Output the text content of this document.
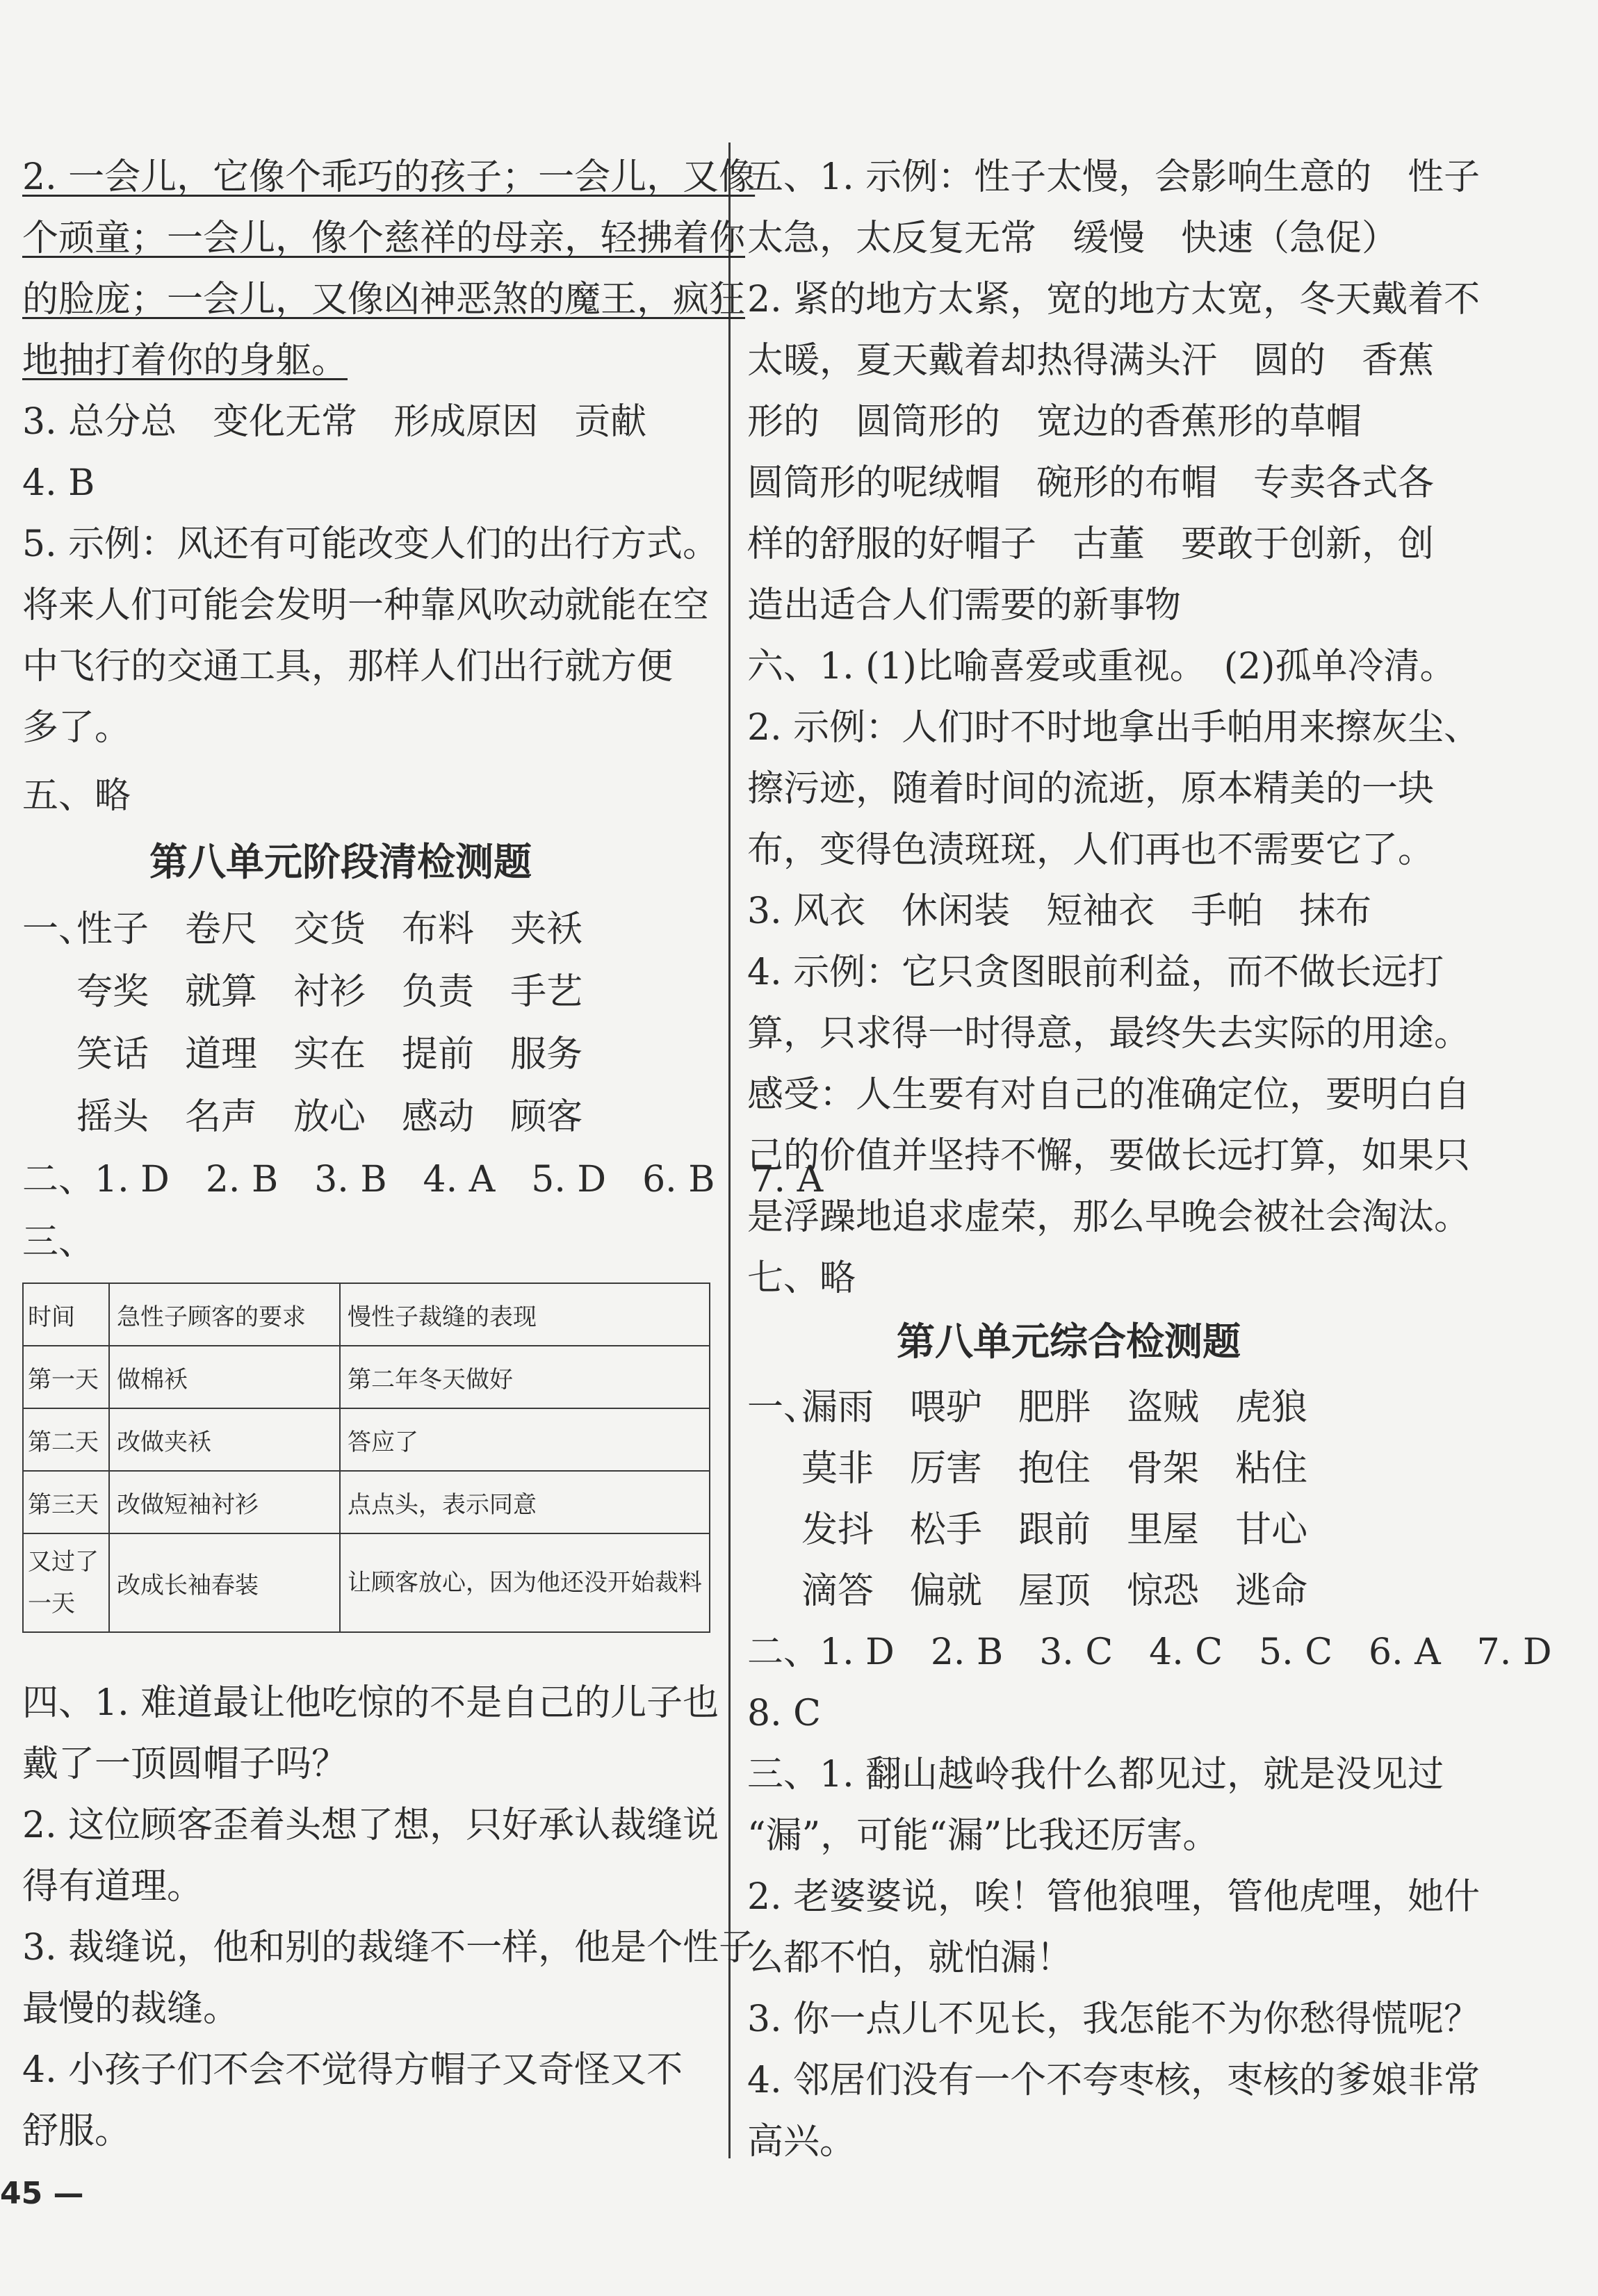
2. 一会儿，它像个乖巧的孩子；一会儿，又像
个顽童；一会儿，像个慈祥的母亲，轻拂着你
的脸庞；一会儿，又像凶神恶煞的魔王，疯狂
地抽打着你的身躯。
3. 总分总　变化无常　形成原因　贡献
4. B
5. 示例：风还有可能改变人们的出行方式。
将来人们可能会发明一种靠风吹动就能在空
中飞行的交通工具，那样人们出行就方便
多了。
五、略
第八单元阶段清检测题
一、
性子 卷尺 交货 布料 夹袄
夸奖 就算 衬衫 负责 手艺
笑话 道理 实在 提前 服务
摇头 名声 放心 感动 顾客
二、1. D　2. B　3. B　4. A　5. D　6. B　7. A
三、
时间	急性子顾客的要求	慢性子裁缝的表现
第一天	做棉袄	第二年冬天做好
第二天	改做夹袄	答应了
第三天	改做短袖衬衫	点点头，表示同意
又过了一天	改成长袖春装	让顾客放心，因为他还没开始裁料
四、1. 难道最让他吃惊的不是自己的儿子也
戴了一顶圆帽子吗？
2. 这位顾客歪着头想了想，只好承认裁缝说
得有道理。
3. 裁缝说，他和别的裁缝不一样，他是个性子
最慢的裁缝。
4. 小孩子们不会不觉得方帽子又奇怪又不
舒服。
五、1. 示例：性子太慢，会影响生意的　性子
太急，太反复无常　缓慢　快速（急促）
2. 紧的地方太紧，宽的地方太宽，冬天戴着不
太暖，夏天戴着却热得满头汗　圆的　香蕉
形的　圆筒形的　宽边的香蕉形的草帽
圆筒形的呢绒帽　碗形的布帽　专卖各式各
样的舒服的好帽子　古董　要敢于创新，创
造出适合人们需要的新事物
六、1. (1)比喻喜爱或重视。　(2)孤单冷清。
2. 示例：人们时不时地拿出手帕用来擦灰尘、
擦污迹，随着时间的流逝，原本精美的一块
布，变得色渍斑斑，人们再也不需要它了。
3. 风衣　休闲装　短袖衣　手帕　抹布
4. 示例：它只贪图眼前利益，而不做长远打
算，只求得一时得意，最终失去实际的用途。
感受：人生要有对自己的准确定位，要明白自
己的价值并坚持不懈，要做长远打算，如果只
是浮躁地追求虚荣，那么早晚会被社会淘汰。
七、略
第八单元综合检测题
一、
漏雨 喂驴 肥胖 盗贼 虎狼
莫非 厉害 抱住 骨架 粘住
发抖 松手 跟前 里屋 甘心
滴答 偏就 屋顶 惊恐 逃命
二、1. D　2. B　3. C　4. C　5. C　6. A　7. D
8. C
三、1. 翻山越岭我什么都见过，就是没见过
“漏”，可能“漏”比我还厉害。
2. 老婆婆说，唉！管他狼哩，管他虎哩，她什
么都不怕，就怕漏！
3. 你一点儿不见长，我怎能不为你愁得慌呢？
4. 邻居们没有一个不夸枣核，枣核的爹娘非常
高兴。
45 —
